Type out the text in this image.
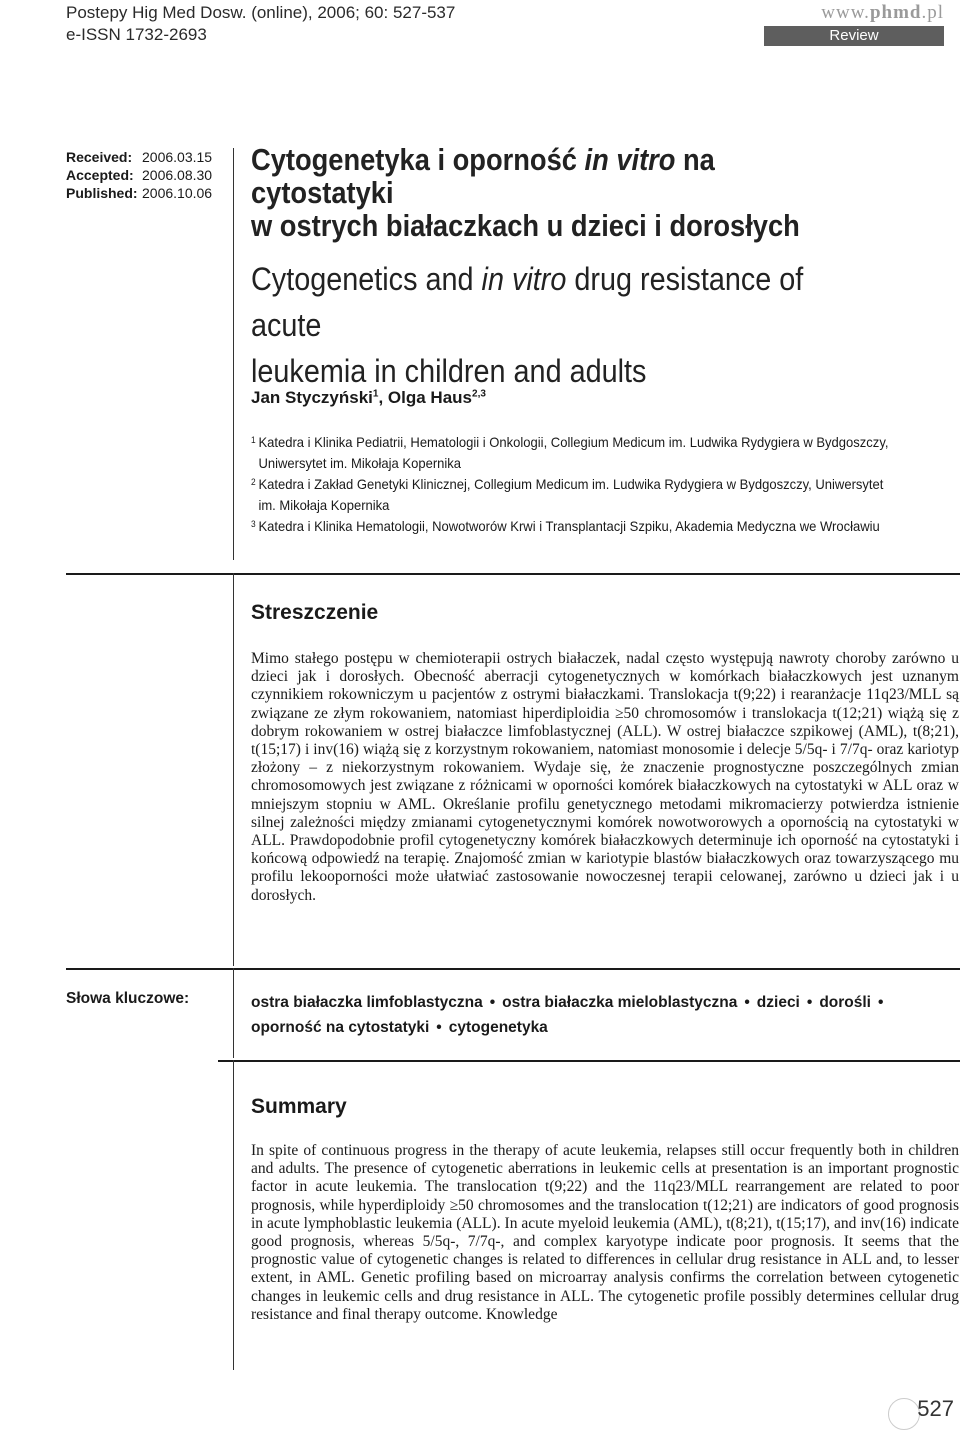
Postepy Hig Med Dosw. (online), 2006; 60: 527-537
e-ISSN 1732-2693
www.phmd.pl
Review
Received: 2006.03.15
Accepted: 2006.08.30
Published: 2006.10.06
Cytogenetyka i oporność in vitro na cytostatyki
w ostrych białaczkach u dzieci i dorosłych
Cytogenetics and in vitro drug resistance of acute
leukemia in children and adults
Jan Styczyński$^1$, Olga Haus$^{2,3}$
1 Katedra i Klinika Pediatrii, Hematologii i Onkologii, Collegium Medicum im. Ludwika Rydygiera w Bydgoszczy, Uniwersytet im. Mikołaja Kopernika
2 Katedra i Zakład Genetyki Klinicznej, Collegium Medicum im. Ludwika Rydygiera w Bydgoszczy, Uniwersytet im. Mikołaja Kopernika
3 Katedra i Klinika Hematologii, Nowotworów Krwi i Transplantacji Szpiku, Akademia Medyczna we Wrocławiu
Streszczenie
Mimo stałego postępu w chemioterapii ostrych białaczek, nadal często występują nawroty choroby zarówno u dzieci jak i dorosłych. Obecność aberracji cytogenetycznych w komórkach białaczkowych jest uznanym czynnikiem rokowniczym u pacjentów z ostrymi białaczkami. Translokacja t(9;22) i rearanżacje 11q23/MLL są związane ze złym rokowaniem, natomiast hiperdiploidia ≥50 chromosomów i translokacja t(12;21) wiążą się z dobrym rokowaniem w ostrej białaczce limfoblastycznej (ALL). W ostrej białaczce szpikowej (AML), t(8;21), t(15;17) i inv(16) wiążą się z korzystnym rokowaniem, natomiast monosomie i delecje 5/5q- i 7/7q- oraz kariotyp złożony – z niekorzystnym rokowaniem. Wydaje się, że znaczenie prognostyczne poszczególnych zmian chromosomowych jest związane z różnicami w oporności komórek białaczkowych na cytostatyki w ALL oraz w mniejszym stopniu w AML. Określanie profilu genetycznego metodami mikromacierzy potwierdza istnienie silnej zależności między zmianami cytogenetycznymi komórek nowotworowych a opornością na cytostatyki w ALL. Prawdopodobnie profil cytogenetyczny komórek białaczkowych determinuje ich oporność na cytostatyki i końcową odpowiedź na terapię. Znajomość zmian w kariotypie blastów białaczkowych oraz towarzyszącego mu profilu lekooporności może ułatwiać zastosowanie nowoczesnej terapii celowanej, zarówno u dzieci jak i u dorosłych.
Słowa kluczowe:	ostra białaczka limfoblastyczna • ostra białaczka mieloblastyczna • dzieci • dorośli •
oporność na cytostatyki • cytogenetyka
Summary
In spite of continuous progress in the therapy of acute leukemia, relapses still occur frequently both in children and adults. The presence of cytogenetic aberrations in leukemic cells at presentation is an important prognostic factor in acute leukemia. The translocation t(9;22) and the 11q23/MLL rearrangement are related to poor prognosis, while hyperdiploidy ≥50 chromosomes and the translocation t(12;21) are indicators of good prognosis in acute lymphoblastic leukemia (ALL). In acute myeloid leukemia (AML), t(8;21), t(15;17), and inv(16) indicate good prognosis, whereas 5/5q-, 7/7q-, and complex karyotype indicate poor prognosis. It seems that the prognostic value of cytogenetic changes is related to differences in cellular drug resistance in ALL and, to lesser extent, in AML. Genetic profiling based on microarray analysis confirms the correlation between cytogenetic changes in leukemic cells and drug resistance in ALL. The cytogenetic profile possibly determines cellular drug resistance and final therapy outcome. Knowledge
527
